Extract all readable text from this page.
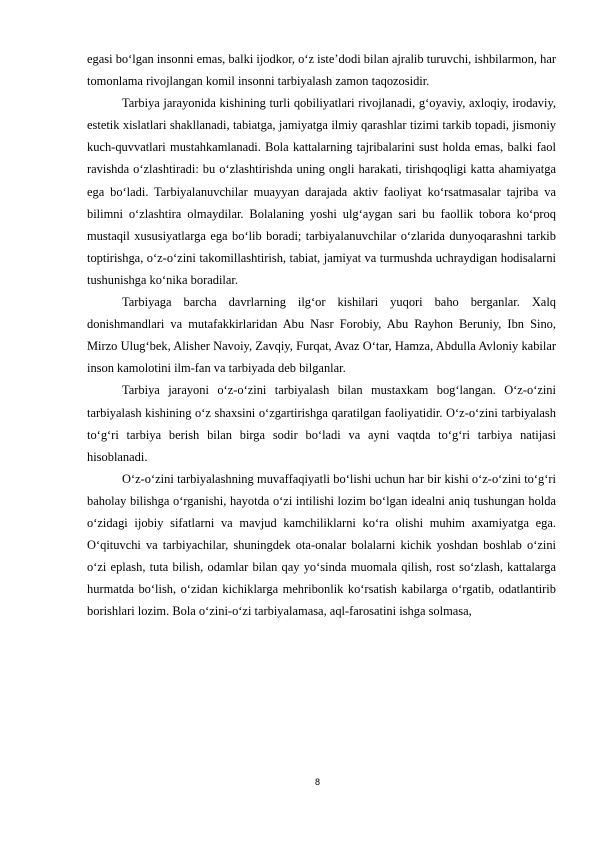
egasi bo‘lgan insonni emas, balki ijodkor, o‘z iste’dodi bilan ajralib turuvchi, ishbilarmon, har tomonlama rivojlangan komil insonni tarbiyalash zamon taqozosidir.

Tarbiya jarayonida kishining turli qobiliyatlari rivojlanadi, g‘oyaviy, axloqiy, irodaviy, estetik xislatlari shakllanadi, tabiatga, jamiyatga ilmiy qarashlar tizimi tarkib topadi, jismoniy kuch-quvvatlari mustahkamlanadi. Bola kattalarning tajribalarini sust holda emas, balki faol ravishda o‘zlashtiradi: bu o‘zlashtirishda uning ongli harakati, tirishqoqligi katta ahamiyatga ega bo‘ladi. Tarbiyalanuvchilar muayyan darajada aktiv faoliyat ko‘rsatmasalar tajriba va bilimni o‘zlashtira olmaydilar. Bolalaning yoshi ulg‘aygan sari bu faollik tobora ko‘proq mustaqil xususiyatlarga ega bo‘lib boradi; tarbiyalanuvchilar o‘zlarida dunyoqarashni tarkib toptirishga, o‘z-o‘zini takomillashtirish, tabiat, jamiyat va turmushda uchraydigan hodisalarni tushunishga ko‘nika boradilar.

Tarbiyaga barcha davrlarning ilg‘or kishilari yuqori baho berganlar. Xalq donishmandlari va mutafakkirlaridan Abu Nasr Forobiy, Abu Rayhon Beruniy, Ibn Sino, Mirzo Ulug‘bek, Alisher Navoiy, Zavqiy, Furqat, Avaz O‘tar, Hamza, Abdulla Avloniy kabilar inson kamolotini ilm-fan va tarbiyada deb bilganlar.

Tarbiya jarayoni o‘z-o‘zini tarbiyalash bilan mustaxkam bog‘langan. O‘z-o‘zini tarbiyalash kishining o‘z shaxsini o‘zgartirishga qaratilgan faoliyatidir. O‘z-o‘zini tarbiyalash to‘g‘ri tarbiya berish bilan birga sodir bo‘ladi va ayni vaqtda to‘g‘ri tarbiya natijasi hisoblanadi.

O‘z-o‘zini tarbiyalashning muvaffaqiyatli bo‘lishi uchun har bir kishi o‘z-o‘zini to‘g‘ri baholay bilishga o‘rganishi, hayotda o‘zi intilishi lozim bo‘lgan idealni aniq tushungan holda o‘zidagi ijobiy sifatlarni va mavjud kamchiliklarni ko‘ra olishi muhim axamiyatga ega. O‘qituvchi va tarbiyachilar, shuningdek ota-onalar bolalarni kichik yoshdan boshlab o‘zini o‘zi eplash, tuta bilish, odamlar bilan qay yo‘sinda muomala qilish, rost so‘zlash, kattalarga hurmatda bo‘lish, o‘zidan kichiklarga mehribonlik ko‘rsatish kabilarga o‘rgatib, odatlantirib borishlari lozim. Bola o‘zini-o‘zi tarbiyalamasa, aql-farosatini ishga solmasa,

8
